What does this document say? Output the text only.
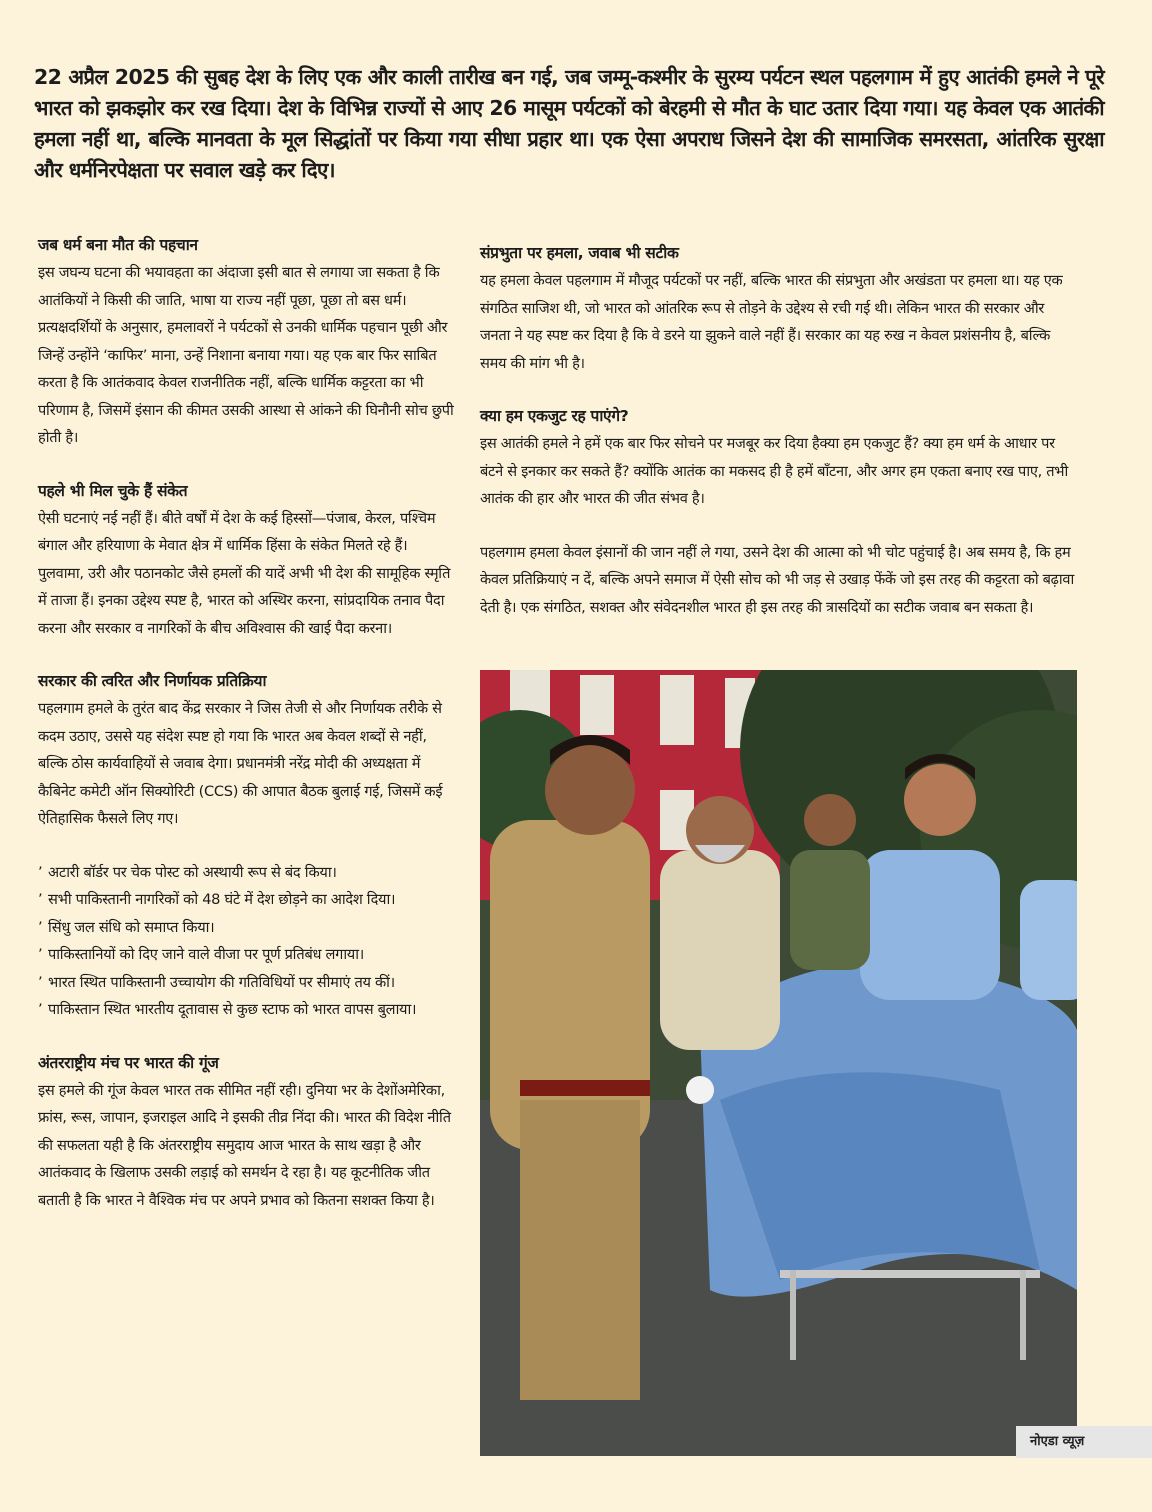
22 अप्रैल 2025 की सुबह देश के लिए एक और काली तारीख बन गई, जब जम्मू-कश्मीर के सुरम्य पर्यटन स्थल पहलगाम में हुए आतंकी हमले ने पूरे भारत को झकझोर कर रख दिया। देश के विभिन्न राज्यों से आए 26 मासूम पर्यटकों को बेरहमी से मौत के घाट उतार दिया गया। यह केवल एक आतंकी हमला नहीं था, बल्कि मानवता के मूल सिद्धांतों पर किया गया सीधा प्रहार था। एक ऐसा अपराध जिसने देश की सामाजिक समरसता, आंतरिक सुरक्षा और धर्मनिरपेक्षता पर सवाल खड़े कर दिए।
जब धर्म बना मौत की पहचान

इस जघन्य घटना की भयावहता का अंदाजा इसी बात से लगाया जा सकता है कि आतंकियों ने किसी की जाति, भाषा या राज्य नहीं पूछा, पूछा तो बस धर्म। प्रत्यक्षदर्शियों के अनुसार, हमलावरों ने पर्यटकों से उनकी धार्मिक पहचान पूछी और जिन्हें उन्होंने ‘काफिर’ माना, उन्हें निशाना बनाया गया। यह एक बार फिर साबित करता है कि आतंकवाद केवल राजनीतिक नहीं, बल्कि धार्मिक कट्टरता का भी परिणाम है, जिसमें इंसान की कीमत उसकी आस्था से आंकने की घिनौनी सोच छुपी होती है।

पहले भी मिल चुके हैं संकेत

ऐसी घटनाएं नई नहीं हैं। बीते वर्षों में देश के कई हिस्सों—पंजाब, केरल, पश्चिम बंगाल और हरियाणा के मेवात क्षेत्र में धार्मिक हिंसा के संकेत मिलते रहे हैं। पुलवामा, उरी और पठानकोट जैसे हमलों की यादें अभी भी देश की सामूहिक स्मृति में ताजा हैं। इनका उद्देश्य स्पष्ट है, भारत को अस्थिर करना, सांप्रदायिक तनाव पैदा करना और सरकार व नागरिकों के बीच अविश्वास की खाई पैदा करना।

सरकार की त्वरित और निर्णायक प्रतिक्रिया

पहलगाम हमले के तुरंत बाद केंद्र सरकार ने जिस तेजी से और निर्णायक तरीके से कदम उठाए, उससे यह संदेश स्पष्ट हो गया कि भारत अब केवल शब्दों से नहीं, बल्कि ठोस कार्यवाहियों से जवाब देगा। प्रधानमंत्री नरेंद्र मोदी की अध्यक्षता में कैबिनेट कमेटी ऑन सिक्योरिटी (CCS) की आपात बैठक बुलाई गई, जिसमें कई ऐतिहासिक फैसले लिए गए।

’ अटारी बॉर्डर पर चेक पोस्ट को अस्थायी रूप से बंद किया।
’ सभी पाकिस्तानी नागरिकों को 48 घंटे में देश छोड़ने का आदेश दिया।
’ सिंधु जल संधि को समाप्त किया।
’ पाकिस्तानियों को दिए जाने वाले वीजा पर पूर्ण प्रतिबंध लगाया।
’ भारत स्थित पाकिस्तानी उच्चायोग की गतिविधियों पर सीमाएं तय कीं।
’ पाकिस्तान स्थित भारतीय दूतावास से कुछ स्टाफ को भारत वापस बुलाया।
अंतरराष्ट्रीय मंच पर भारत की गूंज

इस हमले की गूंज केवल भारत तक सीमित नहीं रही। दुनिया भर के देशोंअमेरिका, फ्रांस, रूस, जापान, इजराइल आदि ने इसकी तीव्र निंदा की। भारत की विदेश नीति की सफलता यही है कि अंतरराष्ट्रीय समुदाय आज भारत के साथ खड़ा है और आतंकवाद के खिलाफ उसकी लड़ाई को समर्थन दे रहा है। यह कूटनीतिक जीत बताती है कि भारत ने वैश्विक मंच पर अपने प्रभाव को कितना सशक्त किया है।

संप्रभुता पर हमला, जवाब भी सटीक

यह हमला केवल पहलगाम में मौजूद पर्यटकों पर नहीं, बल्कि भारत की संप्रभुता और अखंडता पर हमला था। यह एक संगठित साजिश थी, जो भारत को आंतरिक रूप से तोड़ने के उद्देश्य से रची गई थी। लेकिन भारत की सरकार और जनता ने यह स्पष्ट कर दिया है कि वे डरने या झुकने वाले नहीं हैं। सरकार का यह रुख न केवल प्रशंसनीय है, बल्कि समय की मांग भी है।

क्या हम एकजुट रह पाएंगे?

इस आतंकी हमले ने हमें एक बार फिर सोचने पर मजबूर कर दिया हैक्या हम एकजुट हैं? क्या हम धर्म के आधार पर बंटने से इनकार कर सकते हैं? क्योंकि आतंक का मकसद ही है हमें बाँटना, और अगर हम एकता बनाए रख पाए, तभी आतंक की हार और भारत की जीत संभव है।

पहलगाम हमला केवल इंसानों की जान नहीं ले गया, उसने देश की आत्मा को भी चोट पहुंचाई है। अब समय है, कि हम केवल प्रतिक्रियाएं न दें, बल्कि अपने समाज में ऐसी सोच को भी जड़ से उखाड़ फेंकें जो इस तरह की कट्टरता को बढ़ावा देती है। एक संगठित, सशक्त और संवेदनशील भारत ही इस तरह की त्रासदियों का सटीक जवाब बन सकता है।

नोएडा व्यूज़
